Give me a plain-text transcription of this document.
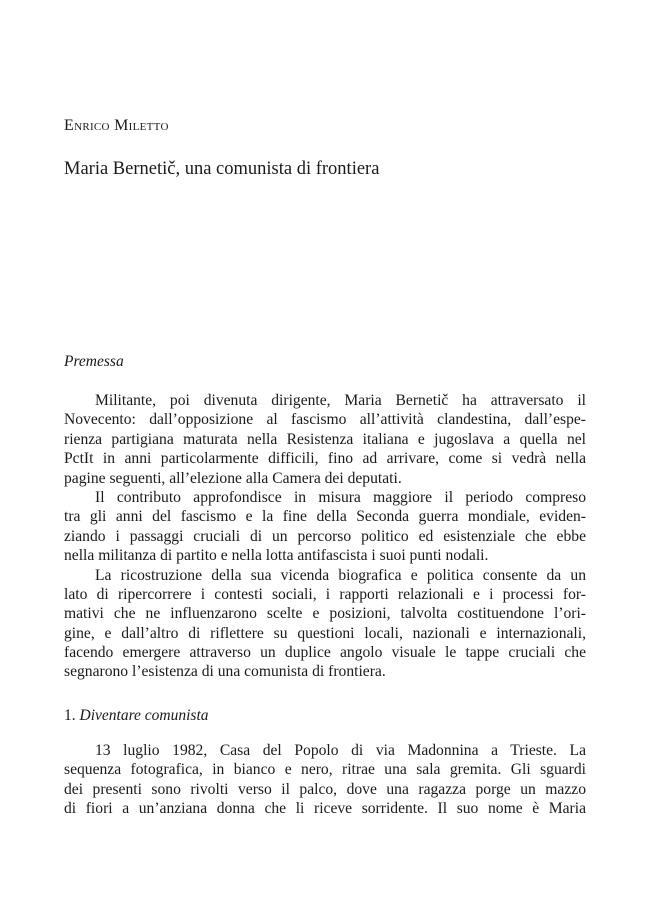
Enrico Miletto
Maria Bernetič, una comunista di frontiera
Premessa
Militante, poi divenuta dirigente, Maria Bernetič ha attraversato il
Novecento: dall’opposizione al fascismo all’attività clandestina, dall’espe-
rienza partigiana maturata nella Resistenza italiana e jugoslava a quella nel
PctIt in anni particolarmente difficili, fino ad arrivare, come si vedrà nella
pagine seguenti, all’elezione alla Camera dei deputati.
Il contributo approfondisce in misura maggiore il periodo compreso
tra gli anni del fascismo e la fine della Seconda guerra mondiale, eviden-
ziando i passaggi cruciali di un percorso politico ed esistenziale che ebbe
nella militanza di partito e nella lotta antifascista i suoi punti nodali.
La ricostruzione della sua vicenda biografica e politica consente da un
lato di ripercorrere i contesti sociali, i rapporti relazionali e i processi for-
mativi che ne influenzarono scelte e posizioni, talvolta costituendone l’ori-
gine, e dall’altro di riflettere su questioni locali, nazionali e internazionali,
facendo emergere attraverso un duplice angolo visuale le tappe cruciali che
segnarono l’esistenza di una comunista di frontiera.
1. Diventare comunista
13 luglio 1982, Casa del Popolo di via Madonnina a Trieste. La
sequenza fotografica, in bianco e nero, ritrae una sala gremita. Gli sguardi
dei presenti sono rivolti verso il palco, dove una ragazza porge un mazzo
di fiori a un’anziana donna che li riceve sorridente. Il suo nome è Maria
